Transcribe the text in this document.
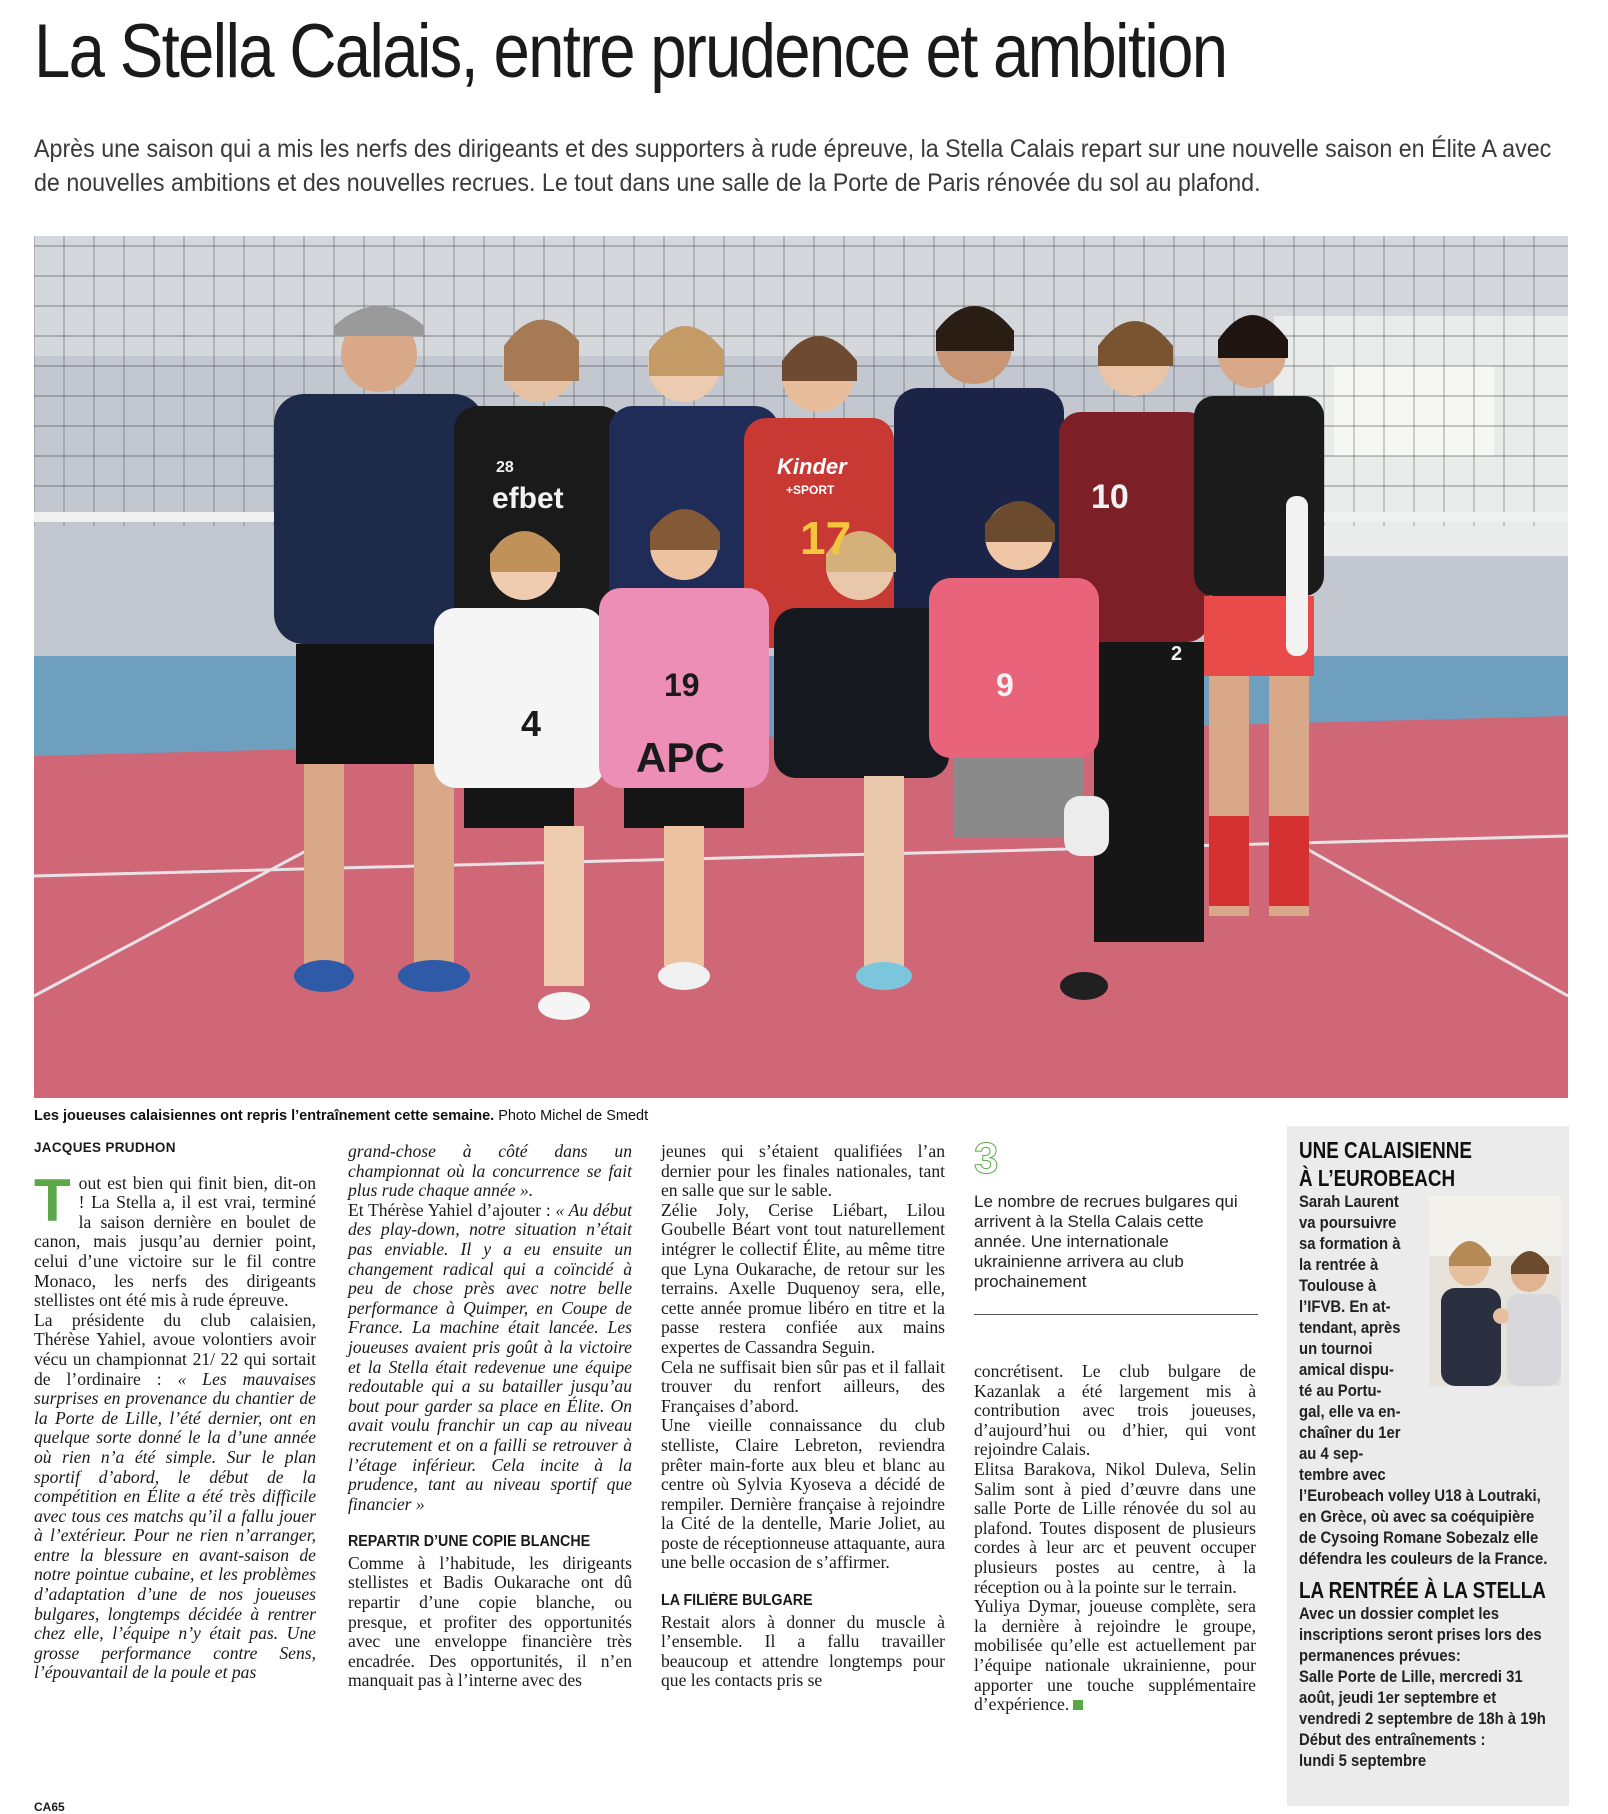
La Stella Calais, entre prudence et ambition

Après une saison qui a mis les nerfs des dirigeants et des supporters à rude épreuve, la Stella Calais repart sur une nouvelle saison en Élite A avec
de nouvelles ambitions et des nouvelles recrues. Le tout dans une salle de la Porte de Paris rénovée du sol au plafond.

28
efbet
Kinder
+SPORT
17
10
2
4
19
APC
9
Les joueuses calaisiennes ont repris l’entraînement cette semaine. Photo Michel de Smedt
JACQUES PRUDHON

Tout est bien qui finit bien, dit-on ! La Stella a, il est vrai, terminé la saison dernière en boulet de canon, mais jusqu’au dernier point, celui d’une victoire sur le fil contre Monaco, les nerfs des dirigeants stellistes ont été mis à rude épreuve.

La présidente du club calaisien, Thérèse Yahiel, avoue volontiers avoir vécu un championnat 21/ 22 qui sortait de l’ordinaire : « Les mauvaises surprises en provenance du chantier de la Porte de Lille, l’été dernier, ont en quelque sorte donné le la d’une année où rien n’a été simple. Sur le plan sportif d’abord, le début de la compétition en Élite a été très difficile avec tous ces matchs qu’il a fallu jouer à l’extérieur. Pour ne rien n’arranger, entre la blessure en avant-saison de notre pointue cubaine, et les problèmes d’adaptation d’une de nos joueuses bulgares, longtemps décidée à rentrer chez elle, l’équipe n’y était pas. Une grosse performance contre Sens, l’épouvantail de la poule et pas

grand-chose à côté dans un championnat où la concurrence se fait plus rude chaque année ».

Et Thérèse Yahiel d’ajouter : « Au début des play-down, notre situation n’était pas enviable. Il y a eu ensuite un changement radical qui a coïncidé à peu de chose près avec notre belle performance à Quimper, en Coupe de France. La machine était lancée. Les joueuses avaient pris goût à la victoire et la Stella était redevenue une équipe redoutable qui a su batailler jusqu’au bout pour garder sa place en Élite. On avait voulu franchir un cap au niveau recrutement et on a failli se retrouver à l’étage inférieur. Cela incite à la prudence, tant au niveau sportif que financier »

REPARTIR D’UNE COPIE BLANCHE

Comme à l’habitude, les dirigeants stellistes et Badis Oukarache ont dû repartir d’une copie blanche, ou presque, et profiter des opportunités avec une enveloppe financière très encadrée. Des opportunités, il n’en manquait pas à l’interne avec des

jeunes qui s’étaient qualifiées l’an dernier pour les finales nationales, tant en salle que sur le sable.

Zélie Joly, Cerise Liébart, Lilou Goubelle Béart vont tout naturellement intégrer le collectif Élite, au même titre que Lyna Oukarache, de retour sur les terrains. Axelle Duquenoy sera, elle, cette année promue libéro en titre et la passe restera confiée aux mains expertes de Cassandra Seguin.

Cela ne suffisait bien sûr pas et il fallait trouver du renfort ailleurs, des Françaises d’abord.

Une vieille connaissance du club stelliste, Claire Lebreton, reviendra prêter main-forte aux bleu et blanc au centre où Sylvia Kyoseva a décidé de rempiler. Dernière française à rejoindre la Cité de la dentelle, Marie Joliet, au poste de réceptionneuse attaquante, aura une belle occasion de s’affirmer.

LA FILIÈRE BULGARE

Restait alors à donner du muscle à l’ensemble. Il a fallu travailler beaucoup et attendre longtemps pour que les contacts pris se

3
Le nombre de recrues bulgares qui arrivent à la Stella Calais cette année. Une internationale ukrainienne arrivera au club prochainement

concrétisent. Le club bulgare de Kazanlak a été largement mis à contribution avec trois joueuses, d’aujourd’hui ou d’hier, qui vont rejoindre Calais.

Elitsa Barakova, Nikol Duleva, Selin Salim sont à pied d’œuvre dans une salle Porte de Lille rénovée du sol au plafond. Toutes disposent de plusieurs cordes à leur arc et peuvent occuper plusieurs postes au centre, à la réception ou à la pointe sur le terrain.

Yuliya Dymar, joueuse complète, sera la dernière à rejoindre le groupe, mobilisée qu’elle est actuellement par l’équipe nationale ukrainienne, pour apporter une touche supplémentaire d’expérience.

UNE CALAISIENNE
À L’EUROBEACH
Sarah Laurent
va poursuivre
sa formation à
la rentrée à
Toulouse à
l’IFVB. En at-
tendant, après
un tournoi
amical dispu-
té au Portu-
gal, elle va en-
chaîner du 1er
au 4 sep-
tembre avec
l’Eurobeach volley U18 à Loutraki, en Grèce, où avec sa coéquipière de Cysoing Romane Sobezalz elle défendra les couleurs de la France.
LA RENTRÉE À LA STELLA
Avec un dossier complet les inscriptions seront prises lors des permanences prévues:
Salle Porte de Lille, mercredi 31 août, jeudi 1er septembre et vendredi 2 septembre de 18h à 19h
Début des entraînements :
lundi 5 septembre
CA65
